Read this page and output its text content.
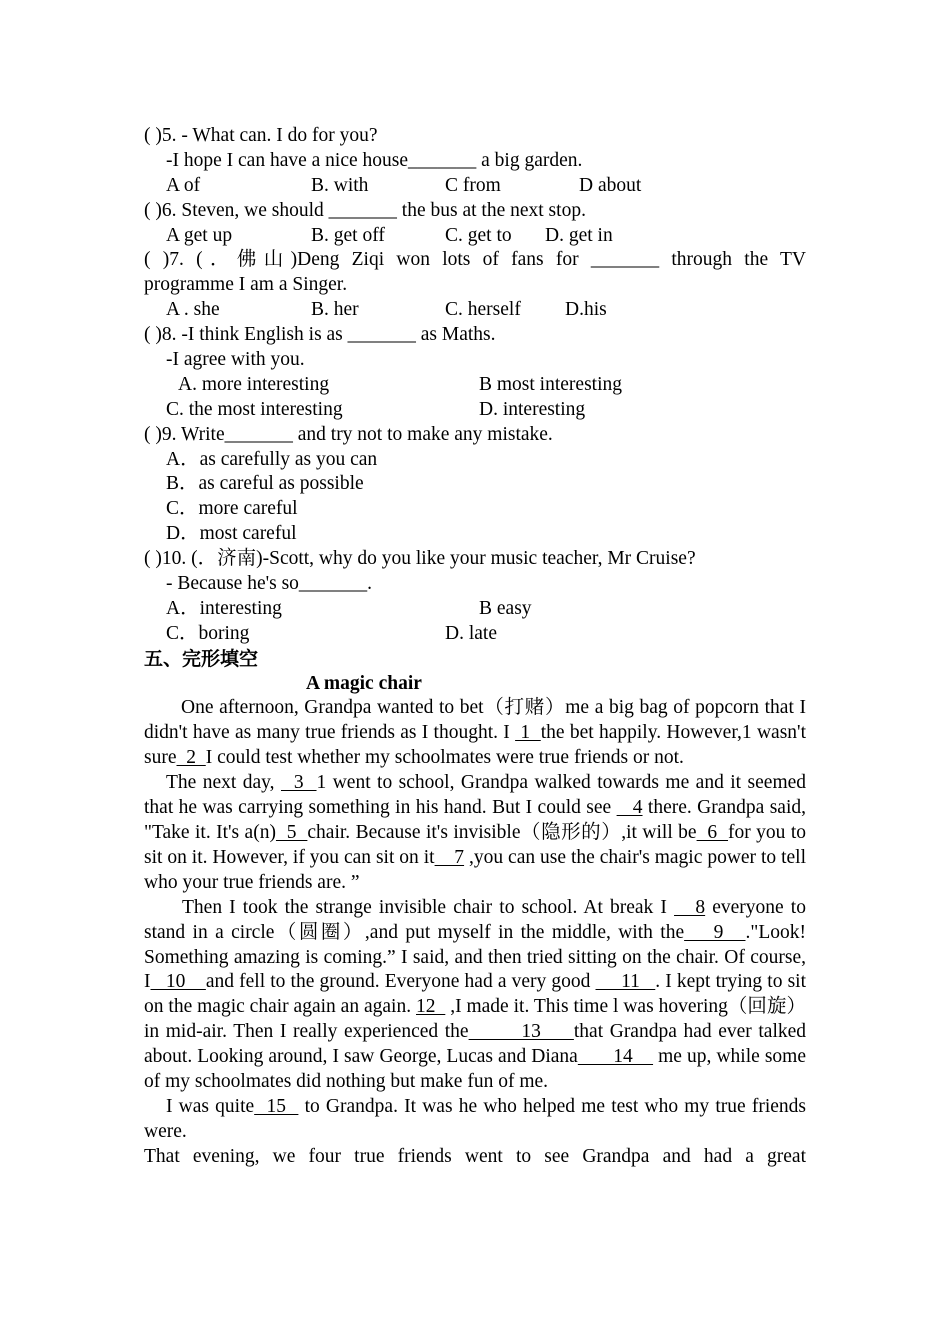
( )5. - What can. I do for you?
-I hope I can have a nice house_______ a big garden.
A of	B. with	C from	D about
( )6. Steven, we should _______ the bus at the next stop.
A get up	B. get off	C. get to D. get in
( )7. (．佛山)Deng Ziqi won lots of fans for _______ through the TV
programme I am a Singer.
A . she	B. her	C. herself D.his
( )8. -I think English is as _______ as Maths.
-I agree with you.
A. more interesting	B most interesting
C. the most interesting	D. interesting
( )9. Write_______ and try not to make any mistake.
A．as carefully as you can
B．as careful as possible
C．more careful
D．most careful
( )10. (．济南)-Scott, why do you like your music teacher, Mr Cruise?
- Because he's so_______.
A．interesting	B easy
C．boring	D. late
五、完形填空
A magic chair
One afternoon, Grandpa wanted to bet（打赌）me a big bag of popcorn that I didn't have as many true friends as I thought. I  1  the bet happily. However,1 wasn't sure  2  I could test whether my schoolmates were true friends or not.
The next day,   3  1 went to school, Grandpa walked towards me and it seemed that he was carrying something in his hand. But I could see    4 there. Grandpa said, "Take it. It's a(n)  5  chair. Because it's invisible（隐形的）,it will be  6  for you to sit on it. However, if you can sit on it    7 ,you can use the chair's magic power to tell who your true friends are. ”
Then I took the strange invisible chair to school. At break I    8 everyone to stand in a circle（圆圈）,and put myself in the middle, with the    9   ."Look! Something amazing is coming.” I said, and then tried sitting on the chair. Of course, I   10    and fell to the ground. Everyone had a very good      11   . I kept trying to sit on the magic chair again an again. 12   ,I made it. This time l was hovering（回旋）in mid-air. Then I really experienced the        13     that Grandpa had ever talked about. Looking around, I saw George, Lucas and Diana       14     me up, while some of my schoolmates did nothing but make fun of me.
I was quite  15   to Grandpa. It was he who helped me test who my true friends were.
That evening, we four true friends went to see Grandpa and had a great
